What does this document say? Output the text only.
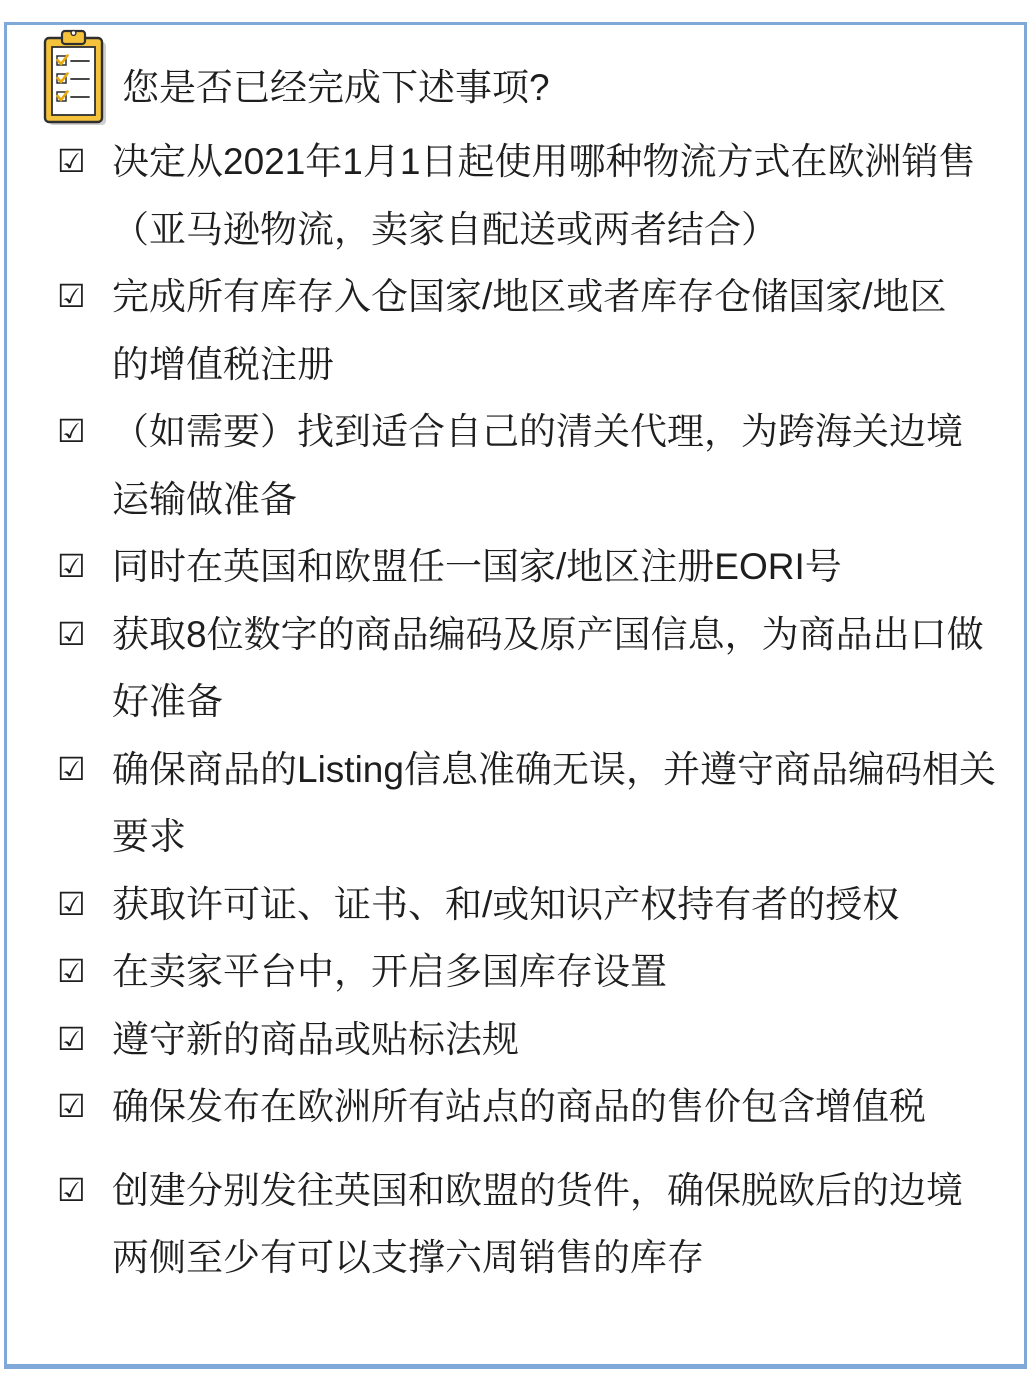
您是否已经完成下述事项?
☑ 决定从2021年1月1日起使用哪种物流方式在欧洲销售
（亚马逊物流，卖家自配送或两者结合）
☑ 完成所有库存入仓国家/地区或者库存仓储国家/地区
的增值税注册
☑ （如需要）找到适合自己的清关代理，为跨海关边境
运输做准备
☑ 同时在英国和欧盟任一国家/地区注册EORI号
☑ 获取8位数字的商品编码及原产国信息，为商品出口做
好准备
☑ 确保商品的Listing信息准确无误，并遵守商品编码相关
要求
☑ 获取许可证、证书、和/或知识产权持有者的授权
☑ 在卖家平台中，开启多国库存设置
☑ 遵守新的商品或贴标法规
☑ 确保发布在欧洲所有站点的商品的售价包含增值税
☑ 创建分别发往英国和欧盟的货件，确保脱欧后的边境
两侧至少有可以支撑六周销售的库存
